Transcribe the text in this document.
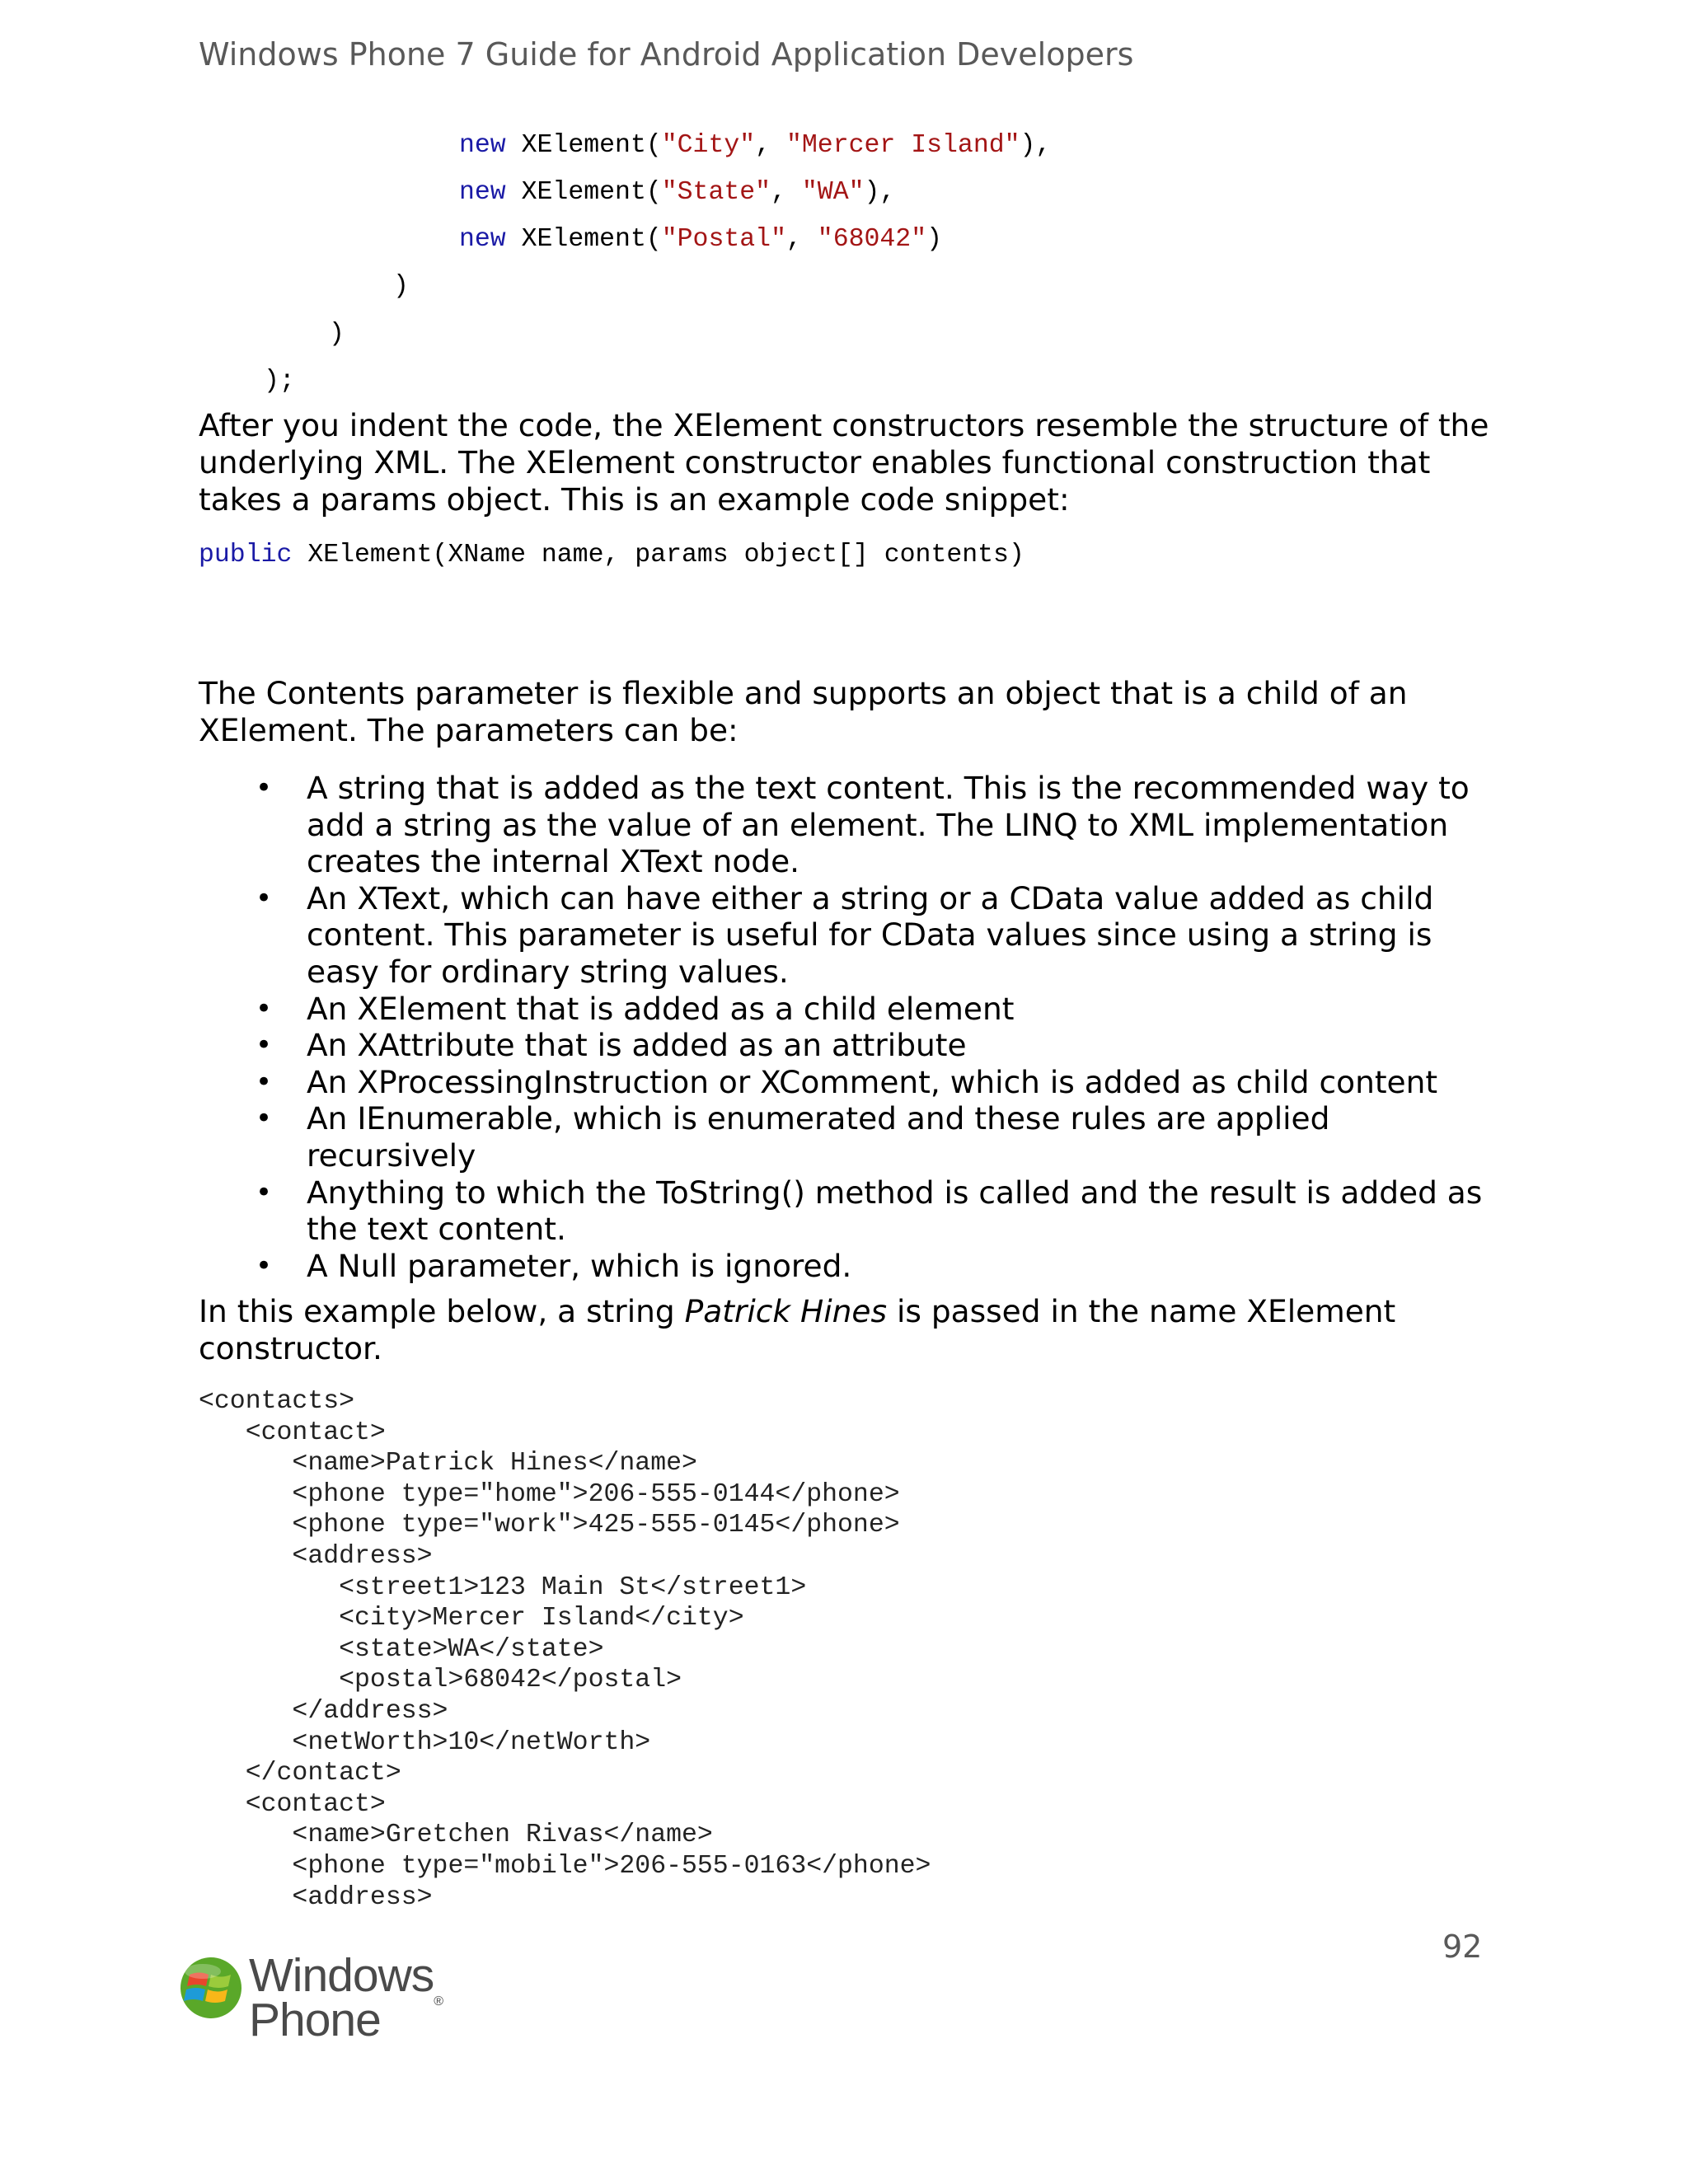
Windows Phone 7 Guide for Android Application Developers

new XElement("City", "Mercer Island"),

new XElement("State", "WA"),

new XElement("Postal", "68042")

)

)

);

After you indent the code, the XElement constructors resemble the structure of the underlying XML. The XElement constructor enables functional construction that takes a params object. This is an example code snippet:

public XElement(XName name, params object[] contents)

The Contents parameter is flexible and supports an object that is a child of an XElement. The parameters can be:

• A string that is added as the text content. This is the recommended way to add a string as the value of an element. The LINQ to XML implementation creates the internal XText node.
• An XText, which can have either a string or a CData value added as child content. This parameter is useful for CData values since using a string is easy for ordinary string values.
• An XElement that is added as a child element
• An XAttribute that is added as an attribute
• An XProcessingInstruction or XComment, which is added as child content
• An IEnumerable, which is enumerated and these rules are applied recursively
• Anything to which the ToString() method is called and the result is added as the text content.
• A Null parameter, which is ignored.

In this example below, a string Patrick Hines is passed in the name XElement constructor.

<contacts>
<contact>
<name>Patrick Hines</name>
<phone type="home">206-555-0144</phone>
<phone type="work">425-555-0145</phone>
<address>
<street1>123 Main St</street1>
<city>Mercer Island</city>
<state>WA</state>
<postal>68042</postal>
</address>
<netWorth>10</netWorth>
</contact>
<contact>
<name>Gretchen Rivas</name>
<phone type="mobile">206-555-0163</phone>
<address>
92
Windows®
Phone
